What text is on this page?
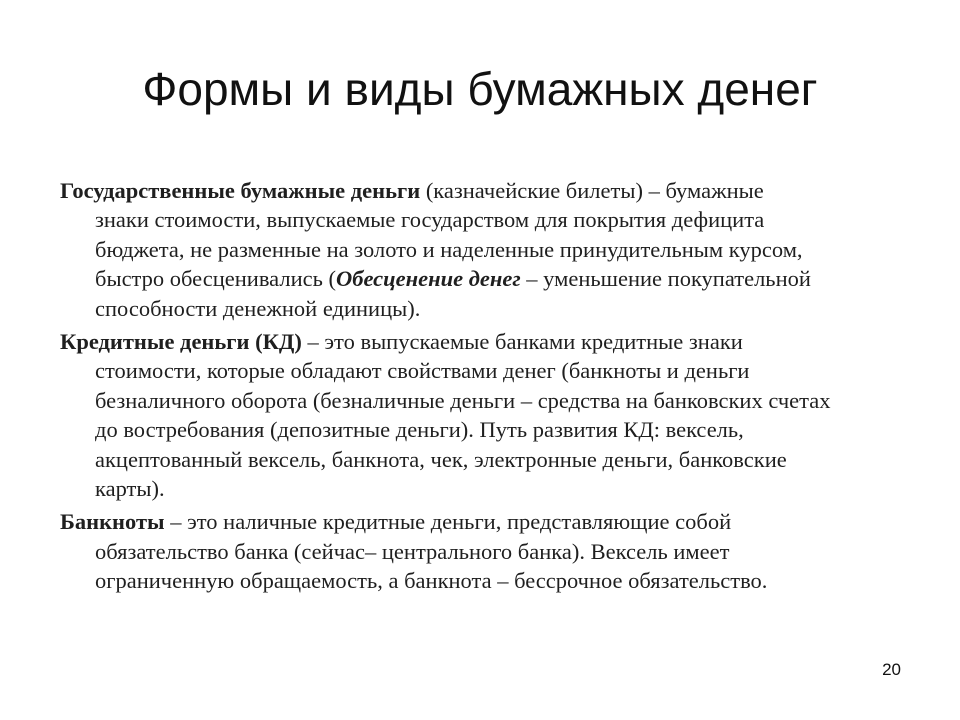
Формы и виды бумажных денег
Государственные бумажные деньги (казначейские билеты) – бумажные
знаки стоимости, выпускаемые государством для покрытия дефицита
бюджета, не разменные на золото и наделенные принудительным курсом,
быстро обесценивались (Обесценение денег – уменьшение покупательной
способности денежной единицы).
Кредитные деньги (КД) – это выпускаемые банками кредитные знаки
стоимости, которые обладают свойствами денег (банкноты и деньги
безналичного оборота (безналичные деньги – средства на банковских счетах
до востребования (депозитные деньги). Путь развития КД: вексель,
акцептованный вексель, банкнота, чек, электронные деньги, банковские
карты).
Банкноты – это наличные кредитные деньги, представляющие собой
обязательство банка (сейчас– центрального банка). Вексель имеет
ограниченную обращаемость, а банкнота – бессрочное обязательство.
20
